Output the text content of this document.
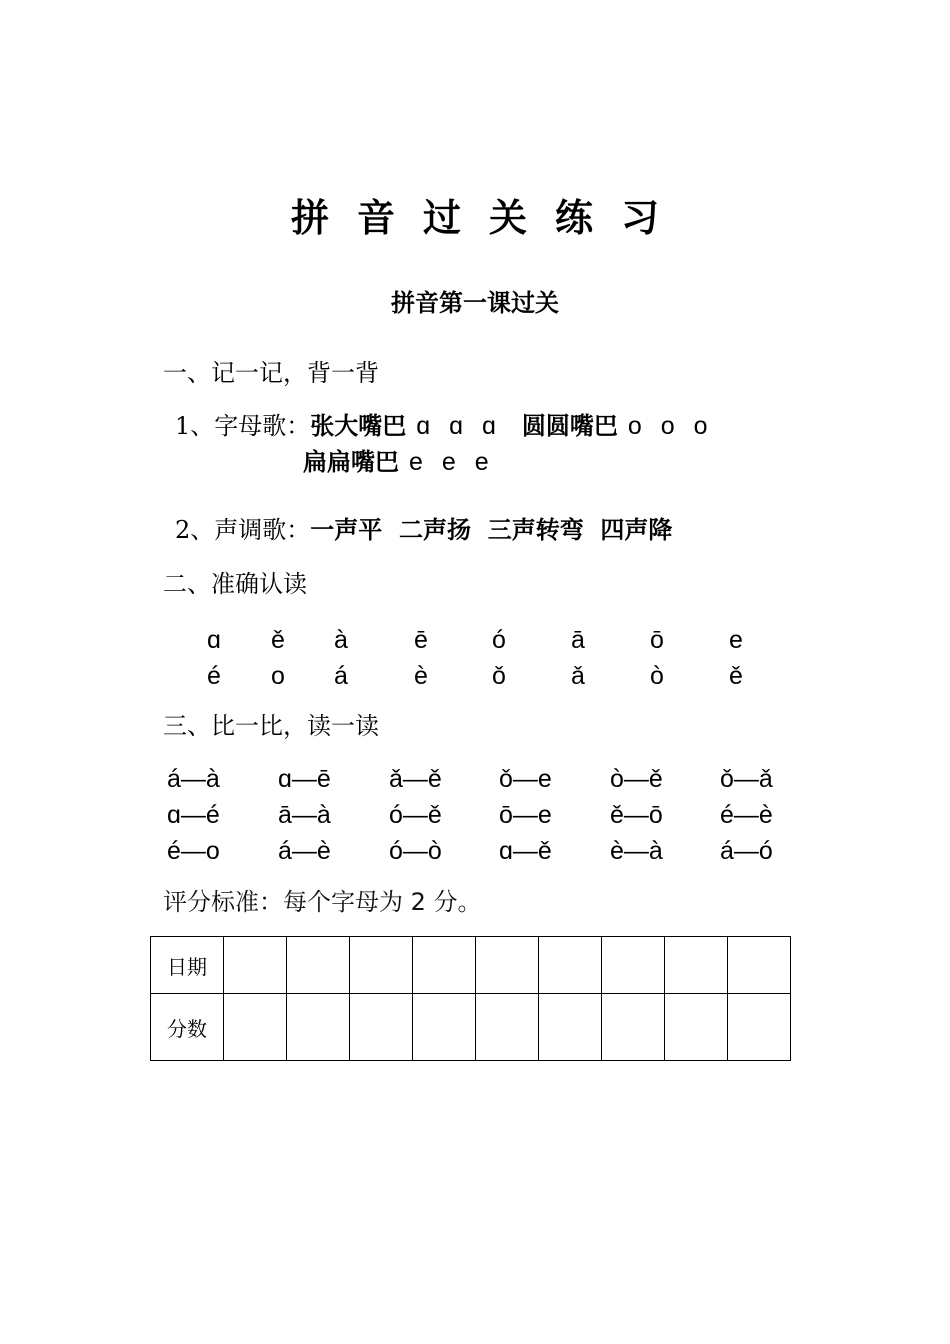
拼音过关练习
拼音第一课过关
一、记一记，背一背
1、字母歌：张大嘴巴 ɑ ɑ ɑ 圆圆嘴巴 o o o
扁扁嘴巴 e e e
2、声调歌：一声平  二声扬  三声转弯  四声降
二、准确认读
ɑ	ě	à	ē	ó	ā	ō	e
é	o	á	è	ǒ	ǎ	ò	ě
三、比一比，读一读
á—à ɑ—ē ǎ—ě ǒ—e ò—ě ǒ—ǎ
ɑ—é ā—à ó—ě ō—e ě—ō é—è
é—o á—è ó—ò ɑ—ě è—à á—ó
评分标准：每个字母为 2 分。
日期									
分数									
